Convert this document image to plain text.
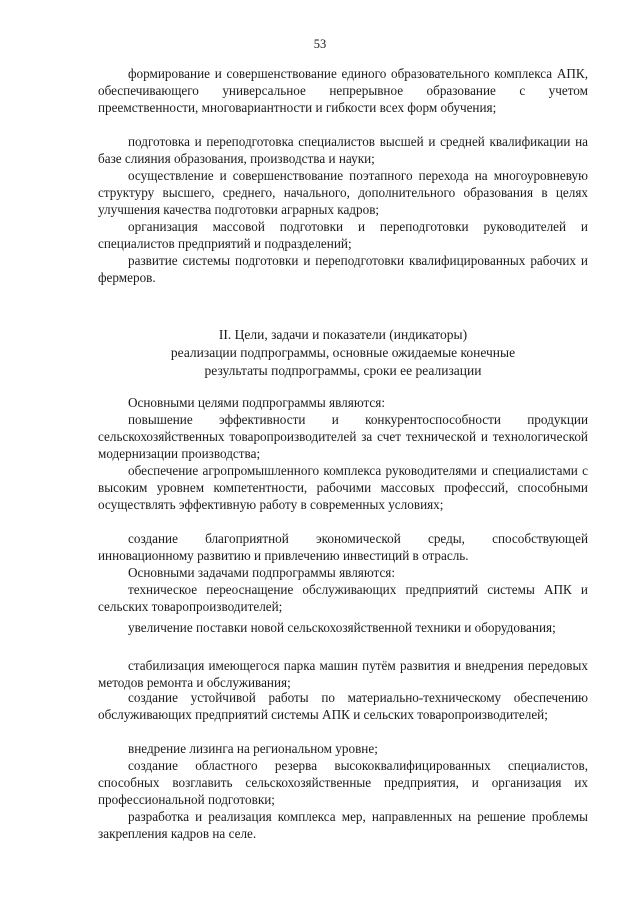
53

формирование и совершенствование единого образовательного комплекса АПК, обеспечивающего универсальное непрерывное образование с учетом преемственности, многовариантности и гибкости всех форм обучения;

подготовка и переподготовка специалистов высшей и средней квалификации на базе слияния образования, производства и науки;

осуществление и совершенствование поэтапного перехода на многоуровневую структуру высшего, среднего, начального, дополнительного образования в целях улучшения качества подготовки аграрных кадров;

организация массовой подготовки и переподготовки руководителей и специалистов предприятий и подразделений;

развитие системы подготовки и переподготовки квалифицированных рабочих и фермеров.

II. Цели, задачи и показатели (индикаторы)
реализации подпрограммы, основные ожидаемые конечные
результаты подпрограммы, сроки ее реализации

Основными целями подпрограммы являются:

повышение эффективности и конкурентоспособности продукции сельскохозяйственных товаропроизводителей за счет технической и технологической модернизации производства;

обеспечение агропромышленного комплекса руководителями и специалистами с высоким уровнем компетентности, рабочими массовых профессий, способными осуществлять эффективную работу в современных условиях;

создание благоприятной экономической среды, способствующей инновационному развитию и привлечению инвестиций в отрасль.

Основными задачами подпрограммы являются:

техническое переоснащение обслуживающих предприятий системы АПК и сельских товаропроизводителей;

увеличение поставки новой сельскохозяйственной техники и оборудования;

стабилизация имеющегося парка машин путём развития и внедрения передовых методов ремонта и обслуживания;

создание устойчивой работы по материально-техническому обеспечению обслуживающих предприятий системы АПК и сельских товаропроизводителей;

внедрение лизинга на региональном уровне;

создание областного резерва высококвалифицированных специалистов, способных возглавить сельскохозяйственные предприятия, и организация их профессиональной подготовки;

разработка и реализация комплекса мер, направленных на решение проблемы закрепления кадров на селе.
